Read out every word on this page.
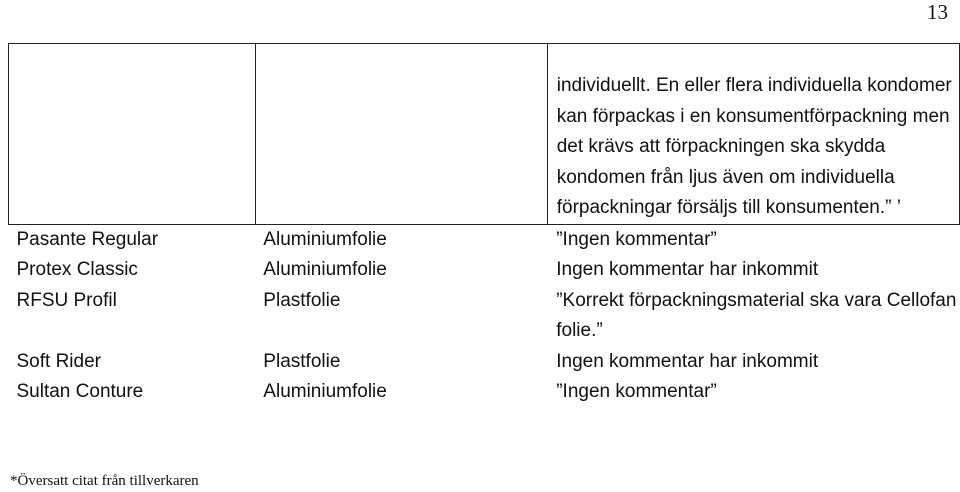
13
		individuellt. En eller flera individuella kondomer kan förpackas i en konsumentförpackning men det krävs att förpackningen ska skydda kondomen från ljus även om individuella förpackningar försäljs till konsumenten.” ’
Pasante Regular	Aluminiumfolie	”Ingen kommentar”
Protex Classic	Aluminiumfolie	Ingen kommentar har inkommit
RFSU Profil	Plastfolie	”Korrekt förpackningsmaterial ska vara Cellofan folie.”
Soft Rider	Plastfolie	Ingen kommentar har inkommit
Sultan Conture	Aluminiumfolie	”Ingen kommentar”
*Översatt citat från tillverkaren
